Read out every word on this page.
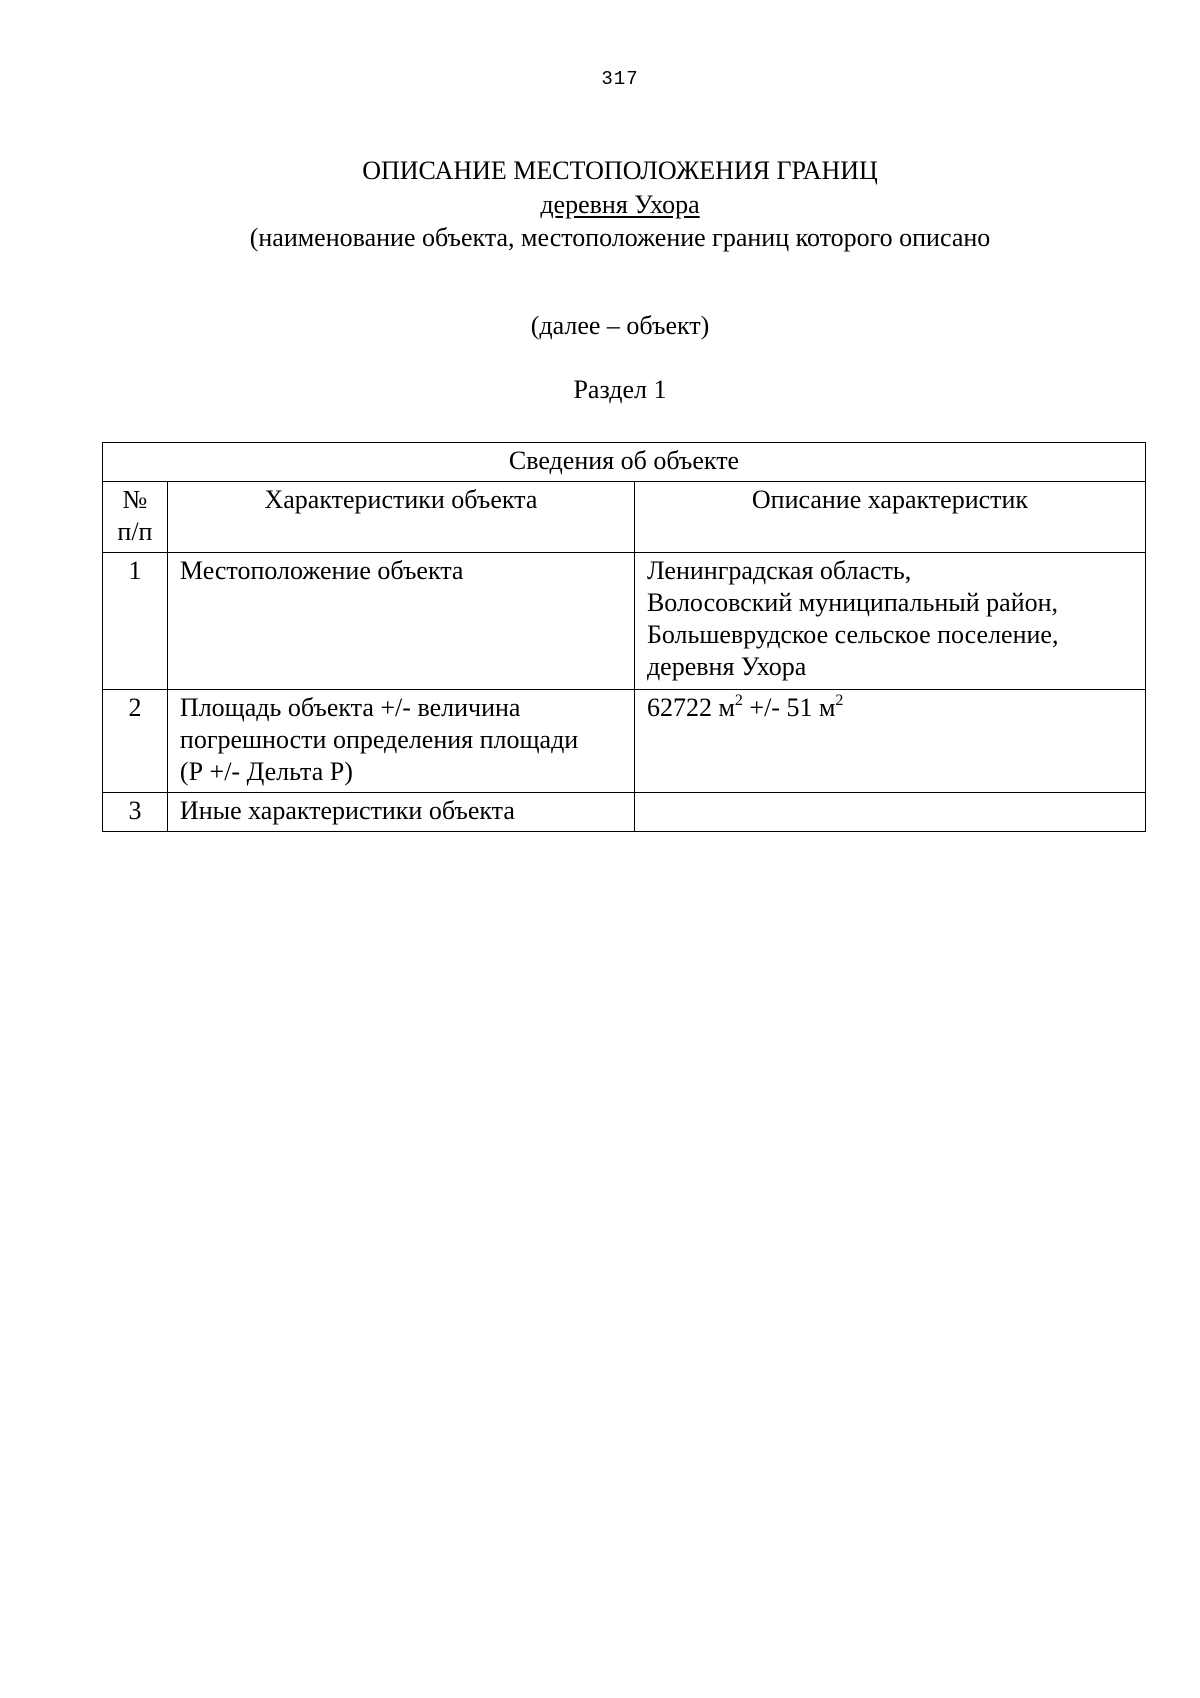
317
ОПИСАНИЕ МЕСТОПОЛОЖЕНИЯ ГРАНИЦ
деревня Ухора
(наименование объекта, местоположение границ которого описано
(далее – объект)
Раздел 1
Сведения об объекте		

№
п/п	Характеристики объекта	Описание характеристик
1	Местоположение объекта	Ленинградская область,
Волосовский муниципальный район,
Большеврудское сельское поселение,
деревня Ухора

2	Площадь объекта +/- величина
погрешности определения площади
(Р +/- Дельта Р)	62722 $м^2$ +/- 51 $м^2$
3	Иные характеристики объекта	
